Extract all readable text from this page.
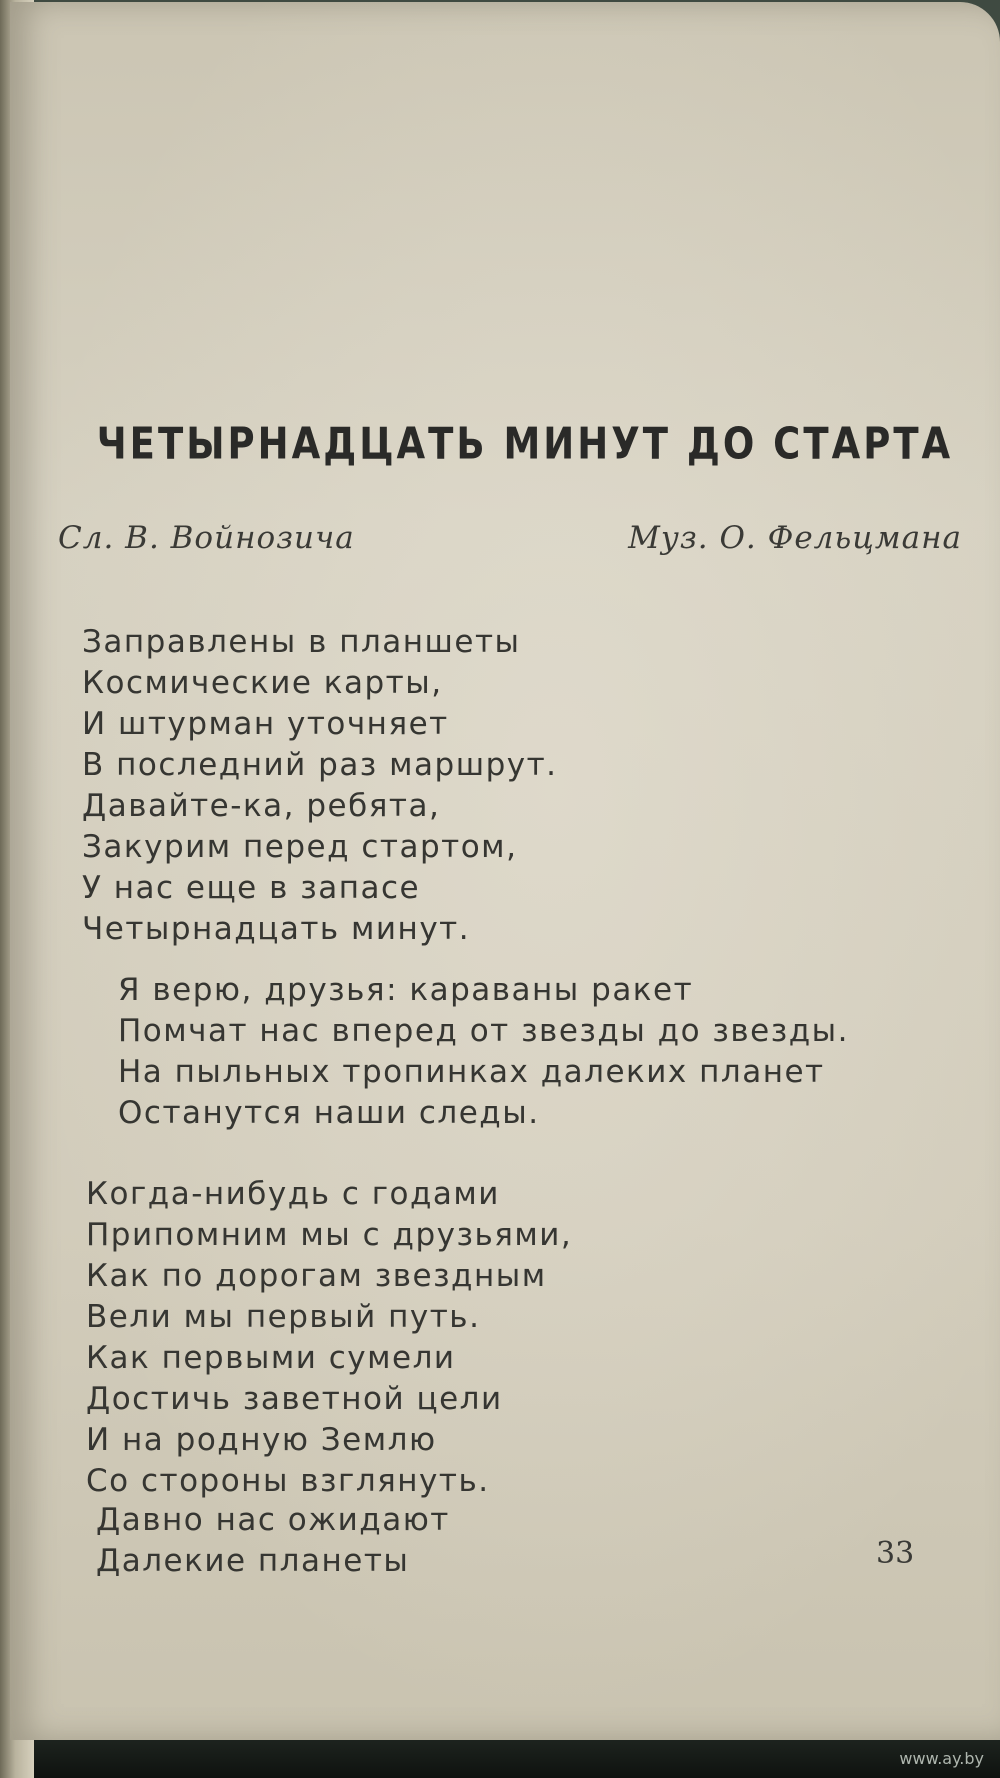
ЧЕТЫРНАДЦАТЬ МИНУТ ДО СТАРТА
Сл. В. Войнозича	Муз. О. Фельцмана
Заправлены в планшеты
Космические карты,
И штурман уточняет
В последний раз маршрут.
Давайте-ка, ребята,
Закурим перед стартом,
У нас еще в запасе
Четырнадцать минут.
Я верю, друзья: караваны ракет
Помчат нас вперед от звезды до звезды.
На пыльных тропинках далеких планет
Останутся наши следы.
Когда-нибудь с годами
Припомним мы с друзьями,
Как по дорогам звездным
Вели мы первый путь.
Как первыми сумели
Достичь заветной цели
И на родную Землю
Со стороны взглянуть.
Давно нас ожидают
Далекие планеты	33
www.ay.by
